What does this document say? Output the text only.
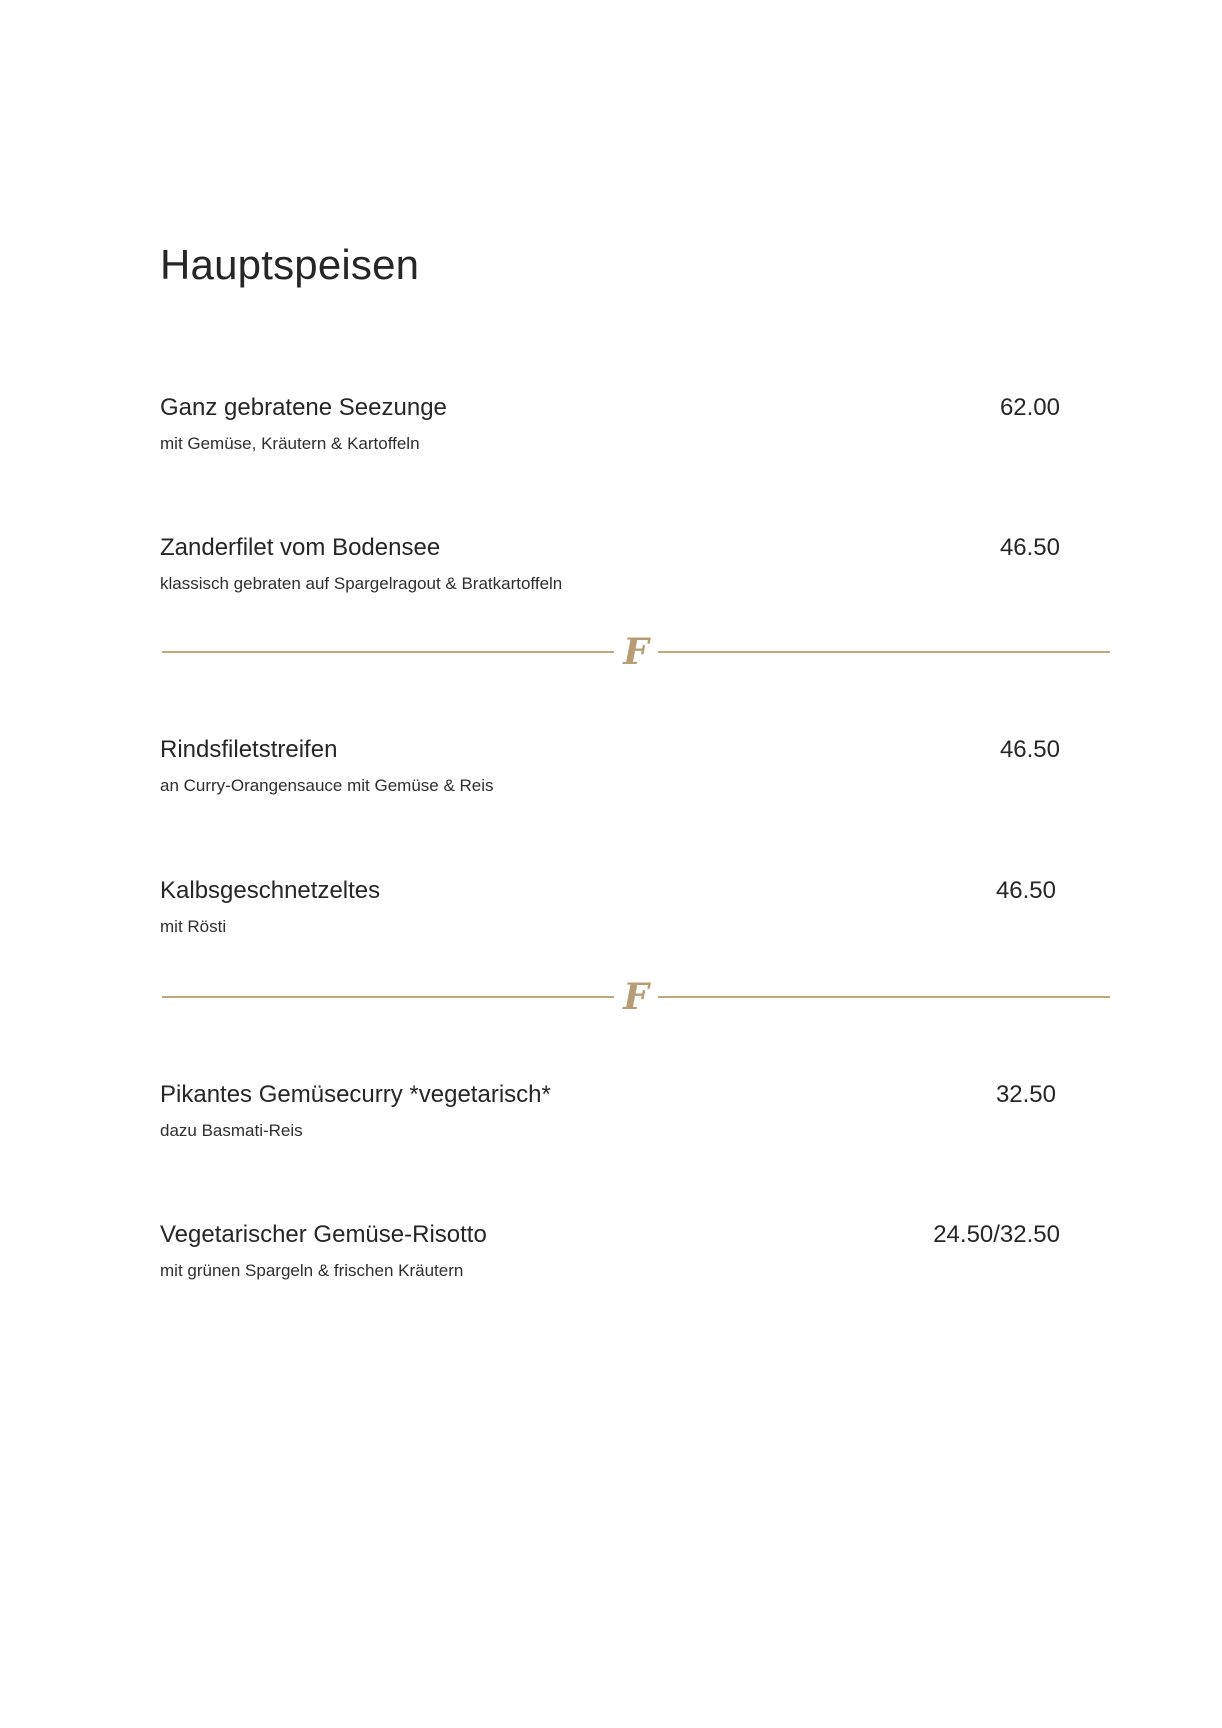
Hauptspeisen
Ganz gebratene Seezunge	62.00
mit Gemüse, Kräutern & Kartoffeln
Zanderfilet vom Bodensee	46.50
klassisch gebraten auf Spargelragout & Bratkartoffeln
F
Rindsfiletstreifen	46.50
an Curry-Orangensauce mit Gemüse & Reis
Kalbsgeschnetzeltes	46.50
mit Rösti
F
Pikantes Gemüsecurry *vegetarisch*	32.50
dazu Basmati-Reis
Vegetarischer Gemüse-Risotto	24.50/32.50
mit grünen Spargeln & frischen Kräutern
